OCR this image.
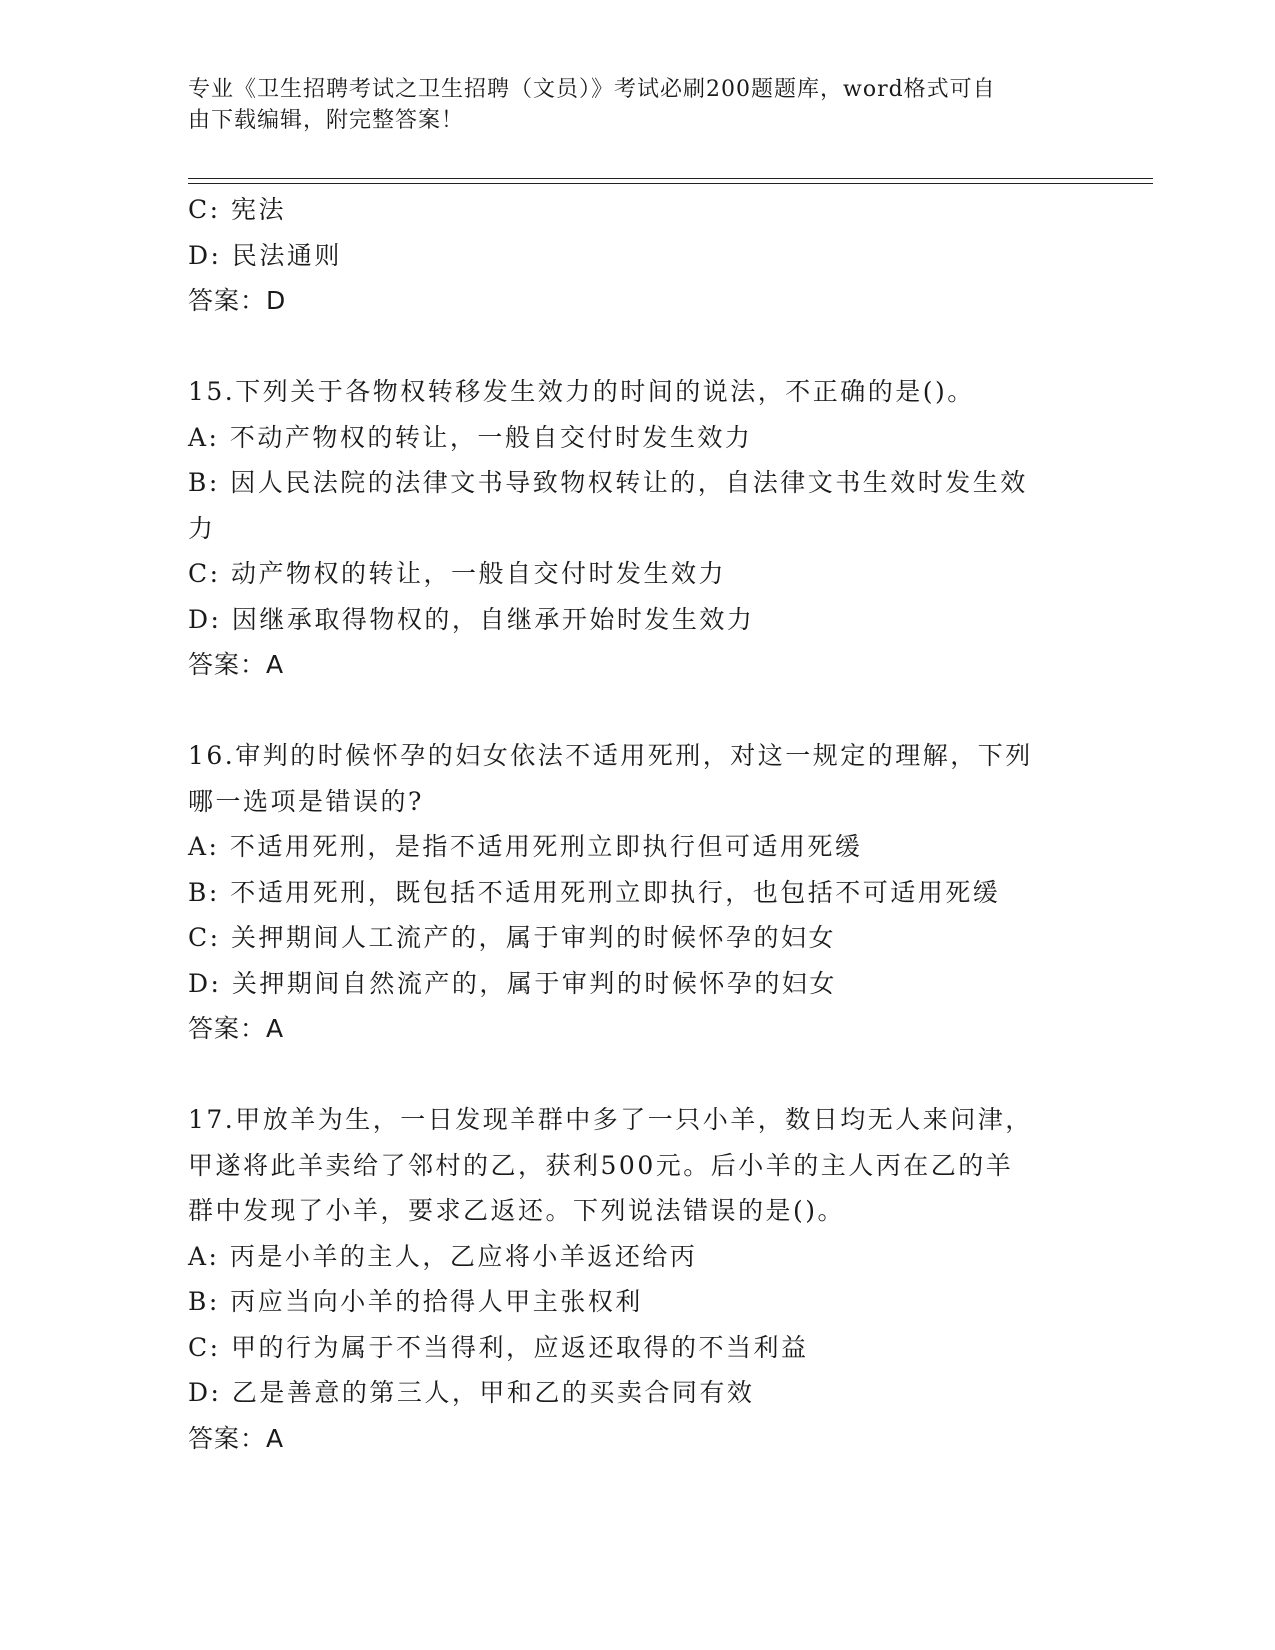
专业《卫生招聘考试之卫生招聘（文员）》考试必刷200题题库，word格式可自
由下载编辑，附完整答案！
C: 宪法
D: 民法通则
答案：D
15.下列关于各物权转移发生效力的时间的说法，不正确的是()。
A: 不动产物权的转让，一般自交付时发生效力
B: 因人民法院的法律文书导致物权转让的，自法律文书生效时发生效
力
C: 动产物权的转让，一般自交付时发生效力
D: 因继承取得物权的，自继承开始时发生效力
答案：A
16.审判的时候怀孕的妇女依法不适用死刑，对这一规定的理解，下列
哪一选项是错误的?
A: 不适用死刑，是指不适用死刑立即执行但可适用死缓
B: 不适用死刑，既包括不适用死刑立即执行，也包括不可适用死缓
C: 关押期间人工流产的，属于审判的时候怀孕的妇女
D: 关押期间自然流产的，属于审判的时候怀孕的妇女
答案：A
17.甲放羊为生，一日发现羊群中多了一只小羊，数日均无人来问津，
甲遂将此羊卖给了邻村的乙，获利500元。后小羊的主人丙在乙的羊
群中发现了小羊，要求乙返还。下列说法错误的是()。
A: 丙是小羊的主人，乙应将小羊返还给丙
B: 丙应当向小羊的拾得人甲主张权利
C: 甲的行为属于不当得利，应返还取得的不当利益
D: 乙是善意的第三人，甲和乙的买卖合同有效
答案：A
